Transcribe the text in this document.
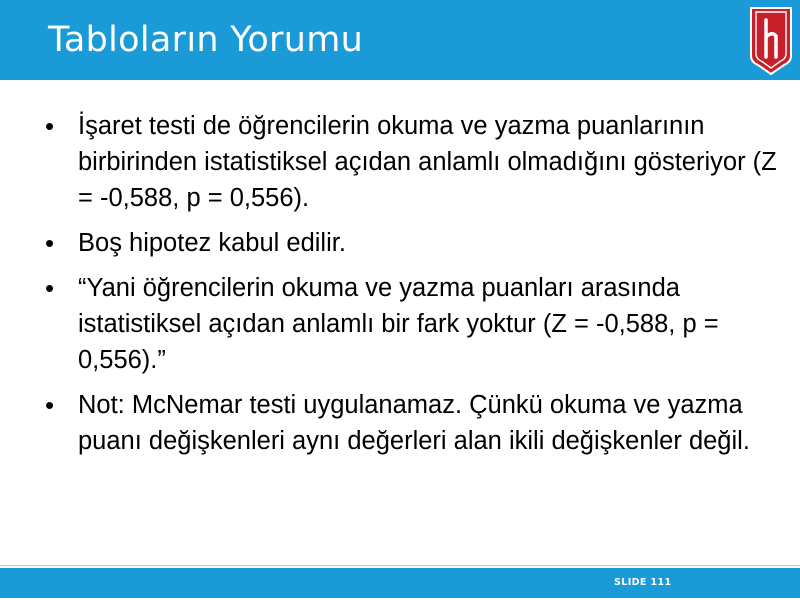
Tabloların Yorumu
• İşaret testi de öğrencilerin okuma ve yazma puanlarının birbirinden istatistiksel açıdan anlamlı olmadığını gösteriyor (Z = -0,588, p = 0,556).
• Boş hipotez kabul edilir.
• “Yani öğrencilerin okuma ve yazma puanları arasında istatistiksel açıdan anlamlı bir fark yoktur (Z = -0,588, p = 0,556).”
• Not: McNemar testi uygulanamaz. Çünkü okuma ve yazma puanı değişkenleri aynı değerleri alan ikili değişkenler değil.
SLIDE 111
